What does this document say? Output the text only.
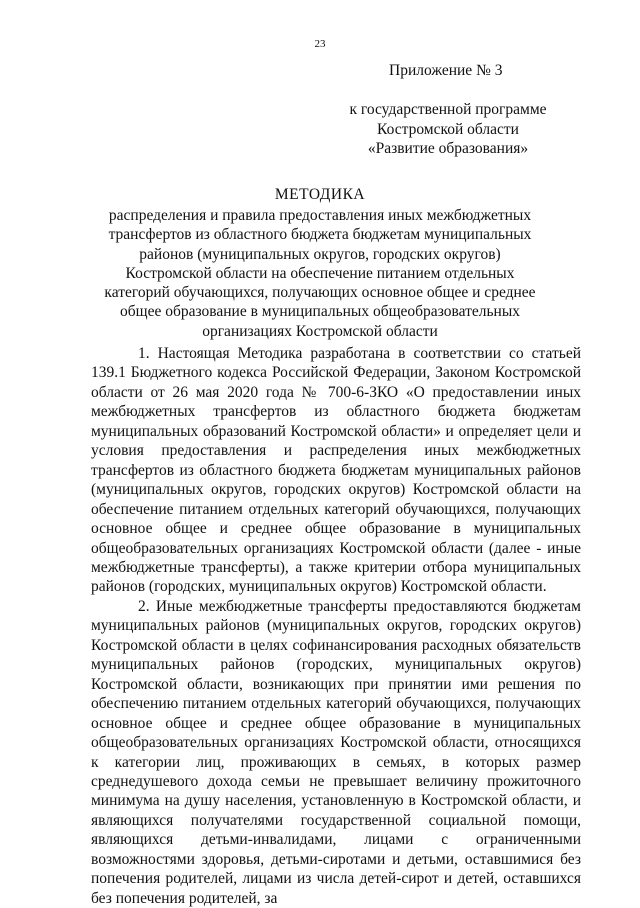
23
Приложение № 3
к государственной программе
Костромской области
«Развитие образования»
МЕТОДИКА
распределения и правила предоставления иных межбюджетных
трансфертов из областного бюджета бюджетам муниципальных
районов (муниципальных округов, городских округов)
Костромской области на обеспечение питанием отдельных
категорий обучающихся, получающих основное общее и среднее
общее образование в муниципальных общеобразовательных
организациях Костромской области

1. Настоящая Методика разработана в соответствии со статьей 139.1 Бюджетного кодекса Российской Федерации, Законом Костромской области от 26 мая 2020 года № 700-6-ЗКО «О предоставлении иных межбюджетных трансфертов из областного бюджета бюджетам муниципальных образований Костромской области» и определяет цели и условия предоставления и распределения иных межбюджетных трансфертов из областного бюджета бюджетам муниципальных районов (муниципальных округов, городских округов) Костромской области на обеспечение питанием отдельных категорий обучающихся, получающих основное общее и среднее общее образование в муниципальных общеобразовательных организациях Костромской области (далее - иные межбюджетные трансферты), а также критерии отбора муниципальных районов (городских, муниципальных округов) Костромской области.

2. Иные межбюджетные трансферты предоставляются бюджетам муниципальных районов (муниципальных округов, городских округов) Костромской области в целях софинансирования расходных обязательств муниципальных районов (городских, муниципальных округов) Костромской области, возникающих при принятии ими решения по обеспечению питанием отдельных категорий обучающихся, получающих основное общее и среднее общее образование в муниципальных общеобразовательных организациях Костромской области, относящихся к категории лиц, проживающих в семьях, в которых размер среднедушевого дохода семьи не превышает величину прожиточного минимума на душу населения, установленную в Костромской области, и являющихся получателями государственной социальной помощи, являющихся детьми-инвалидами, лицами с ограниченными возможностями здоровья, детьми-сиротами и детьми, оставшимися без попечения родителей, лицами из числа детей-сирот и детей, оставшихся без попечения родителей, за
